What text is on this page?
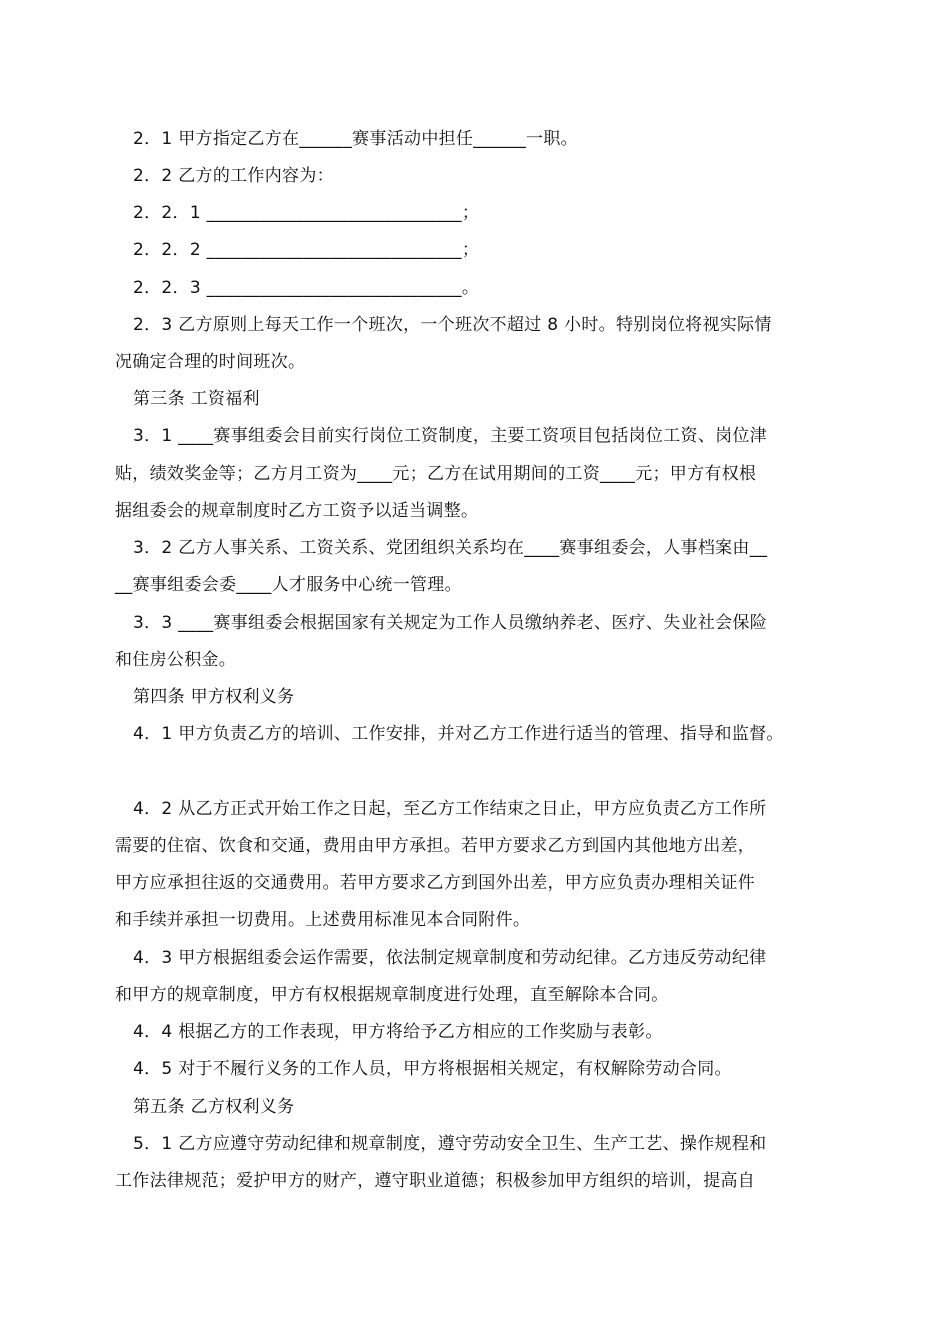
2．1 甲方指定乙方在______赛事活动中担任______一职。
2．2 乙方的工作内容为：
2．2．1 _____________________________；
2．2．2 _____________________________；
2．2．3 _____________________________。
2．3 乙方原则上每天工作一个班次，一个班次不超过 8 小时。特别岗位将视实际情
况确定合理的时间班次。
第三条 工资福利
3．1 ____赛事组委会目前实行岗位工资制度，主要工资项目包括岗位工资、岗位津
贴，绩效奖金等；乙方月工资为____元；乙方在试用期间的工资____元；甲方有权根
据组委会的规章制度时乙方工资予以适当调整。
3．2 乙方人事关系、工资关系、党团组织关系均在____赛事组委会，人事档案由__
__赛事组委会委____人才服务中心统一管理。
3．3 ____赛事组委会根据国家有关规定为工作人员缴纳养老、医疗、失业社会保险
和住房公积金。
第四条 甲方权利义务
4．1 甲方负责乙方的培训、工作安排，并对乙方工作进行适当的管理、指导和监督。
4．2 从乙方正式开始工作之日起，至乙方工作结束之日止，甲方应负责乙方工作所
需要的住宿、饮食和交通，费用由甲方承担。若甲方要求乙方到国内其他地方出差，
甲方应承担往返的交通费用。若甲方要求乙方到国外出差，甲方应负责办理相关证件
和手续并承担一切费用。上述费用标准见本合同附件。
4．3 甲方根据组委会运作需要，依法制定规章制度和劳动纪律。乙方违反劳动纪律
和甲方的规章制度，甲方有权根据规章制度进行处理，直至解除本合同。
4．4 根据乙方的工作表现，甲方将给予乙方相应的工作奖励与表彰。
4．5 对于不履行义务的工作人员，甲方将根据相关规定，有权解除劳动合同。
第五条 乙方权利义务
5．1 乙方应遵守劳动纪律和规章制度，遵守劳动安全卫生、生产工艺、操作规程和
工作法律规范；爱护甲方的财产，遵守职业道德；积极参加甲方组织的培训，提高自
